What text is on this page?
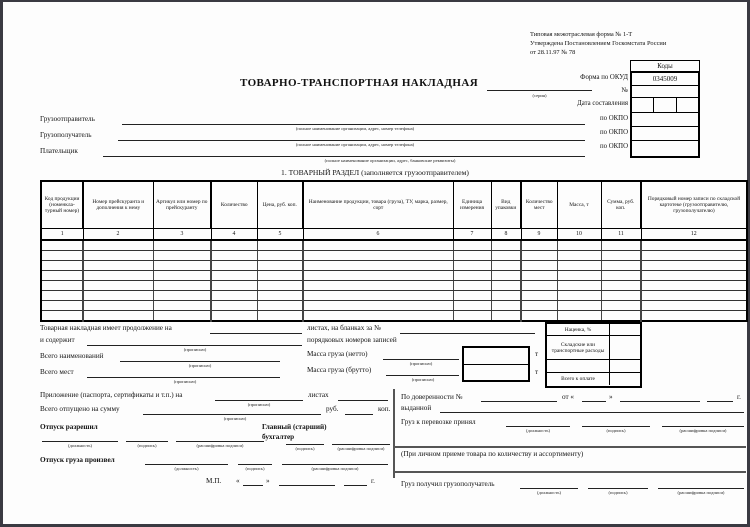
Типовая межотраслевая форма № 1-Т
Утверждена Постановлением Госкомстата России
от 28.11.97 № 78
ТОВАРНО-ТРАНСПОРТНАЯ НАКЛАДНАЯ
(серия)
Форма по ОКУД
№
Дата составления
по ОКПО
по ОКПО
по ОКПО
Коды
0345009
Грузоотправитель
(полное наименование организации, адрес, номер телефона)
Грузополучатель
(полное наименование организации, адрес, номер телефона)
Плательщик
(полное наименование организации, адрес, банковские реквизиты)
1. ТОВАРНЫЙ РАЗДЕЛ (заполняется грузоотправителем)
Код продукции (номенклатурный номер)	Номер прейскуранта и дополнения к нему	Артикул или номер по прейскуранту	Количество	Цена, руб. коп.	Наименование продукции, товара (груза), ТУ, марка, размер, сорт	Единица измерения	Вид упаковки	Количество мест	Масса, т	Сумма, руб. коп.	Порядковый номер записи по складской картотеке (грузоотправителю, грузополучателю)
1	2	3	4	5	6	7	8	9	10	11	12

Товарная накладная имеет продолжение на	листах, на бланках за №
и содержит
(прописью)
порядковых номеров записей
Всего наименований
(прописью)
Масса груза (нетто)
(прописью)
т
Всего мест
(прописью)
Масса груза (брутто)
(прописью)
т
Наценка, %
Складские или транспортные расходы
Всего к оплате
Приложение (паспорта, сертификаты и т.п.) на
(прописью)
листах
Всего отпущено на сумму
(прописью)
руб.	коп.
Отпуск разрешил
(должность)	(подпись)	(расшифровка подписи)
Главный (старший)
бухгалтер
(подпись)	(расшифровка подписи)
Отпуск груза произвел
(должность)	(подпись)	(расшифровка подписи)
М.П. «	»	г.
По доверенности №	от «	»	г.
выданной
Груз к перевозке принял
(должность)	(подпись)	(расшифровка подписи)
(При личном приеме товара по количеству и ассортименту)
Груз получил грузополучатель
(должность)	(подпись)	(расшифровка подписи)
